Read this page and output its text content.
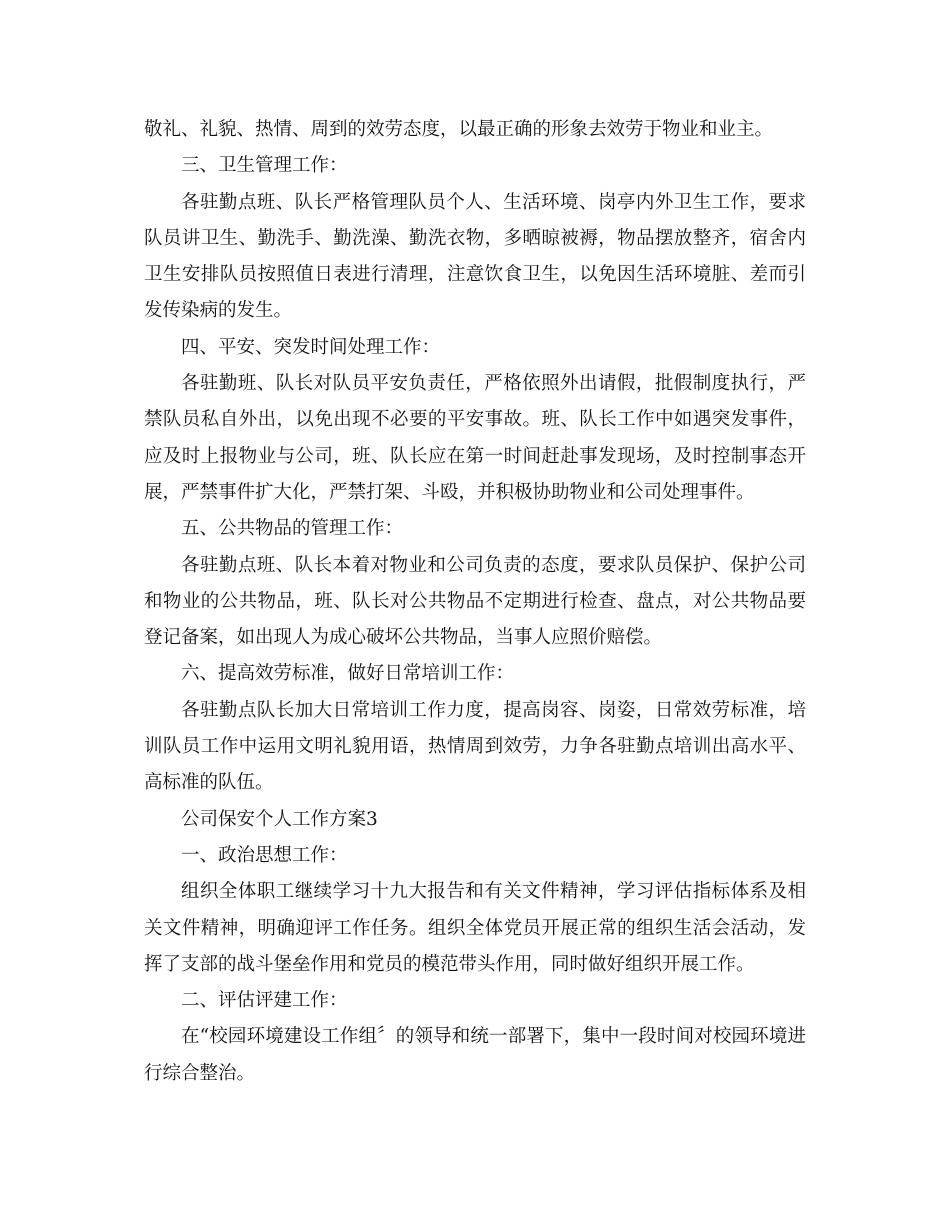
敬礼、礼貌、热情、周到的效劳态度，以最正确的形象去效劳于物业和业主。

三、卫生管理工作：

各驻勤点班、队长严格管理队员个人、生活环境、岗亭内外卫生工作，要求队员讲卫生、勤洗手、勤洗澡、勤洗衣物，多晒晾被褥，物品摆放整齐，宿舍内卫生安排队员按照值日表进行清理，注意饮食卫生，以免因生活环境脏、差而引发传染病的发生。

四、平安、突发时间处理工作：

各驻勤班、队长对队员平安负责任，严格依照外出请假，批假制度执行，严禁队员私自外出，以免出现不必要的平安事故。班、队长工作中如遇突发事件，应及时上报物业与公司，班、队长应在第一时间赶赴事发现场，及时控制事态开展，严禁事件扩大化，严禁打架、斗殴，并积极协助物业和公司处理事件。

五、公共物品的管理工作：

各驻勤点班、队长本着对物业和公司负责的态度，要求队员保护、保护公司和物业的公共物品，班、队长对公共物品不定期进行检查、盘点，对公共物品要登记备案，如出现人为成心破坏公共物品，当事人应照价赔偿。

六、提高效劳标准，做好日常培训工作：

各驻勤点队长加大日常培训工作力度，提高岗容、岗姿，日常效劳标准，培训队员工作中运用文明礼貌用语，热情周到效劳，力争各驻勤点培训出高水平、高标准的队伍。

公司保安个人工作方案3

一、政治思想工作：

组织全体职工继续学习十九大报告和有关文件精神，学习评估指标体系及相关文件精神，明确迎评工作任务。组织全体党员开展正常的组织生活会活动，发挥了支部的战斗堡垒作用和党员的模范带头作用，同时做好组织开展工作。

二、评估评建工作：

在“校园环境建设工作组〞的领导和统一部署下，集中一段时间对校园环境进行综合整治。
